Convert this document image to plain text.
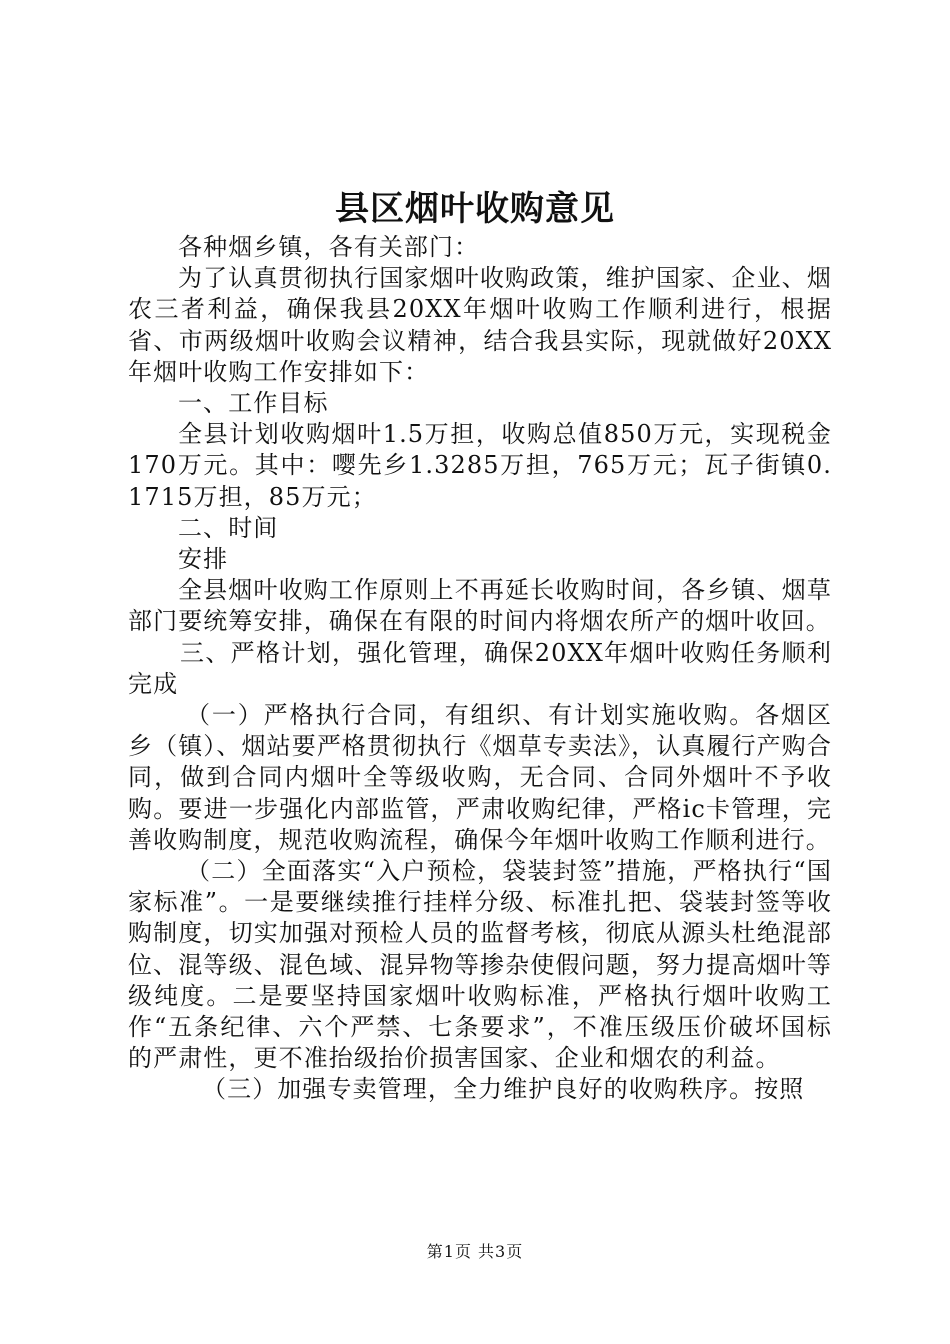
县区烟叶收购意见

各种烟乡镇，各有关部门：

为了认真贯彻执行国家烟叶收购政策，维护国家、企业、烟农三者利益，确保我县20XX年烟叶收购工作顺利进行，根据省、市两级烟叶收购会议精神，结合我县实际，现就做好20XX年烟叶收购工作安排如下：

一、工作目标

全县计划收购烟叶1.5万担，收购总值850万元，实现税金170万元。其中：嘤先乡1.3285万担，765万元；瓦子街镇0.1715万担，85万元；

二、时间

安排

全县烟叶收购工作原则上不再延长收购时间，各乡镇、烟草部门要统筹安排，确保在有限的时间内将烟农所产的烟叶收回。

三、严格计划，强化管理，确保20XX年烟叶收购任务顺利完成

（一）严格执行合同，有组织、有计划实施收购。各烟区乡（镇）、烟站要严格贯彻执行《烟草专卖法》，认真履行产购合同，做到合同内烟叶全等级收购，无合同、合同外烟叶不予收购。要进一步强化内部监管，严肃收购纪律，严格ic卡管理，完善收购制度，规范收购流程，确保今年烟叶收购工作顺利进行。

（二）全面落实“入户预检，袋装封签”措施，严格执行“国家标准”。一是要继续推行挂样分级、标准扎把、袋装封签等收购制度，切实加强对预检人员的监督考核，彻底从源头杜绝混部位、混等级、混色域、混异物等掺杂使假问题，努力提高烟叶等级纯度。二是要坚持国家烟叶收购标准，严格执行烟叶收购工作“五条纪律、六个严禁、七条要求”，不准压级压价破坏国标的严肃性，更不准抬级抬价损害国家、企业和烟农的利益。

（三）加强专卖管理，全力维护良好的收购秩序。按照

第1页 共3页
